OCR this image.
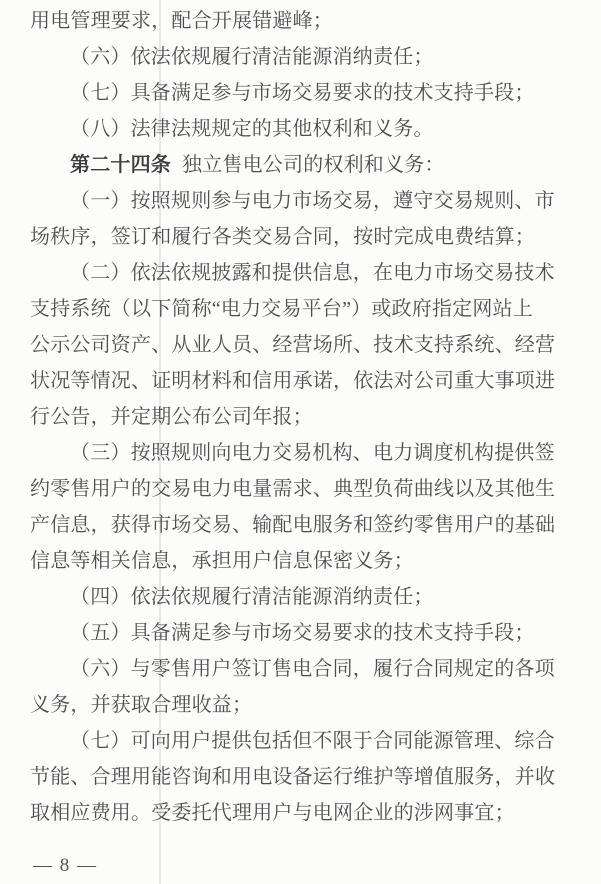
用电管理要求，配合开展错避峰；
（六）依法依规履行清洁能源消纳责任；
（七）具备满足参与市场交易要求的技术支持手段；
（八）法律法规规定的其他权利和义务。
第二十四条 独立售电公司的权利和义务：
（一）按照规则参与电力市场交易，遵守交易规则、市
场秩序，签订和履行各类交易合同，按时完成电费结算；
（二）依法依规披露和提供信息，在电力市场交易技术
支持系统（以下简称“电力交易平台”）或政府指定网站上
公示公司资产、从业人员、经营场所、技术支持系统、经营
状况等情况、证明材料和信用承诺，依法对公司重大事项进
行公告，并定期公布公司年报；
（三）按照规则向电力交易机构、电力调度机构提供签
约零售用户的交易电力电量需求、典型负荷曲线以及其他生
产信息，获得市场交易、输配电服务和签约零售用户的基础
信息等相关信息，承担用户信息保密义务；
（四）依法依规履行清洁能源消纳责任；
（五）具备满足参与市场交易要求的技术支持手段；
（六）与零售用户签订售电合同，履行合同规定的各项
义务，并获取合理收益；
（七）可向用户提供包括但不限于合同能源管理、综合
节能、合理用能咨询和用电设备运行维护等增值服务，并收
取相应费用。受委托代理用户与电网企业的涉网事宜；
— 8 —
